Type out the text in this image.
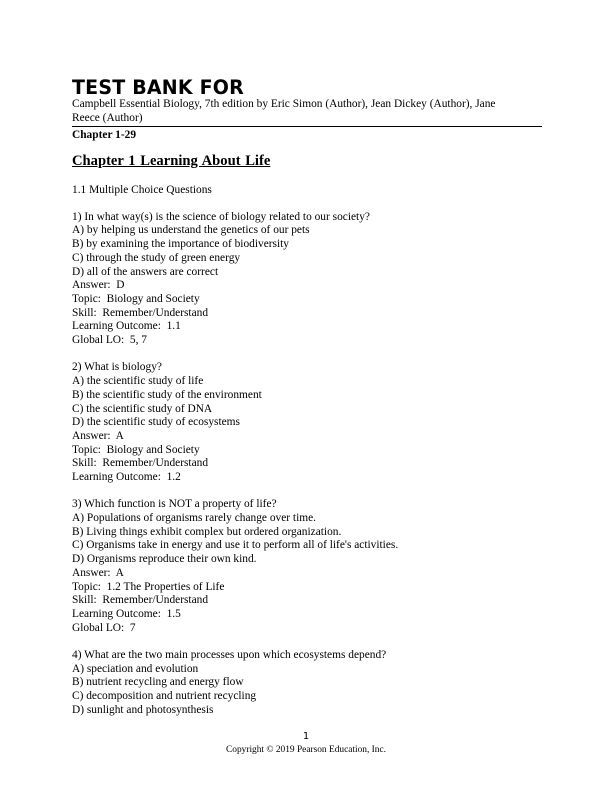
TEST BANK FOR
Campbell Essential Biology, 7th edition by Eric Simon (Author), Jean Dickey (Author), Jane
Reece (Author)
Chapter 1-29
Chapter 1 Learning About Life
1.1 Multiple Choice Questions
1) In what way(s) is the science of biology related to our society?
A) by helping us understand the genetics of our pets
B) by examining the importance of biodiversity
C) through the study of green energy
D) all of the answers are correct
Answer:  D
Topic:  Biology and Society
Skill:  Remember/Understand
Learning Outcome:  1.1
Global LO:  5, 7
2) What is biology?
A) the scientific study of life
B) the scientific study of the environment
C) the scientific study of DNA
D) the scientific study of ecosystems
Answer:  A
Topic:  Biology and Society
Skill:  Remember/Understand
Learning Outcome:  1.2
3) Which function is NOT a property of life?
A) Populations of organisms rarely change over time.
B) Living things exhibit complex but ordered organization.
C) Organisms take in energy and use it to perform all of life's activities.
D) Organisms reproduce their own kind.
Answer:  A
Topic:  1.2 The Properties of Life
Skill:  Remember/Understand
Learning Outcome:  1.5
Global LO:  7
4) What are the two main processes upon which ecosystems depend?
A) speciation and evolution
B) nutrient recycling and energy flow
C) decomposition and nutrient recycling
D) sunlight and photosynthesis
1
Copyright © 2019 Pearson Education, Inc.
